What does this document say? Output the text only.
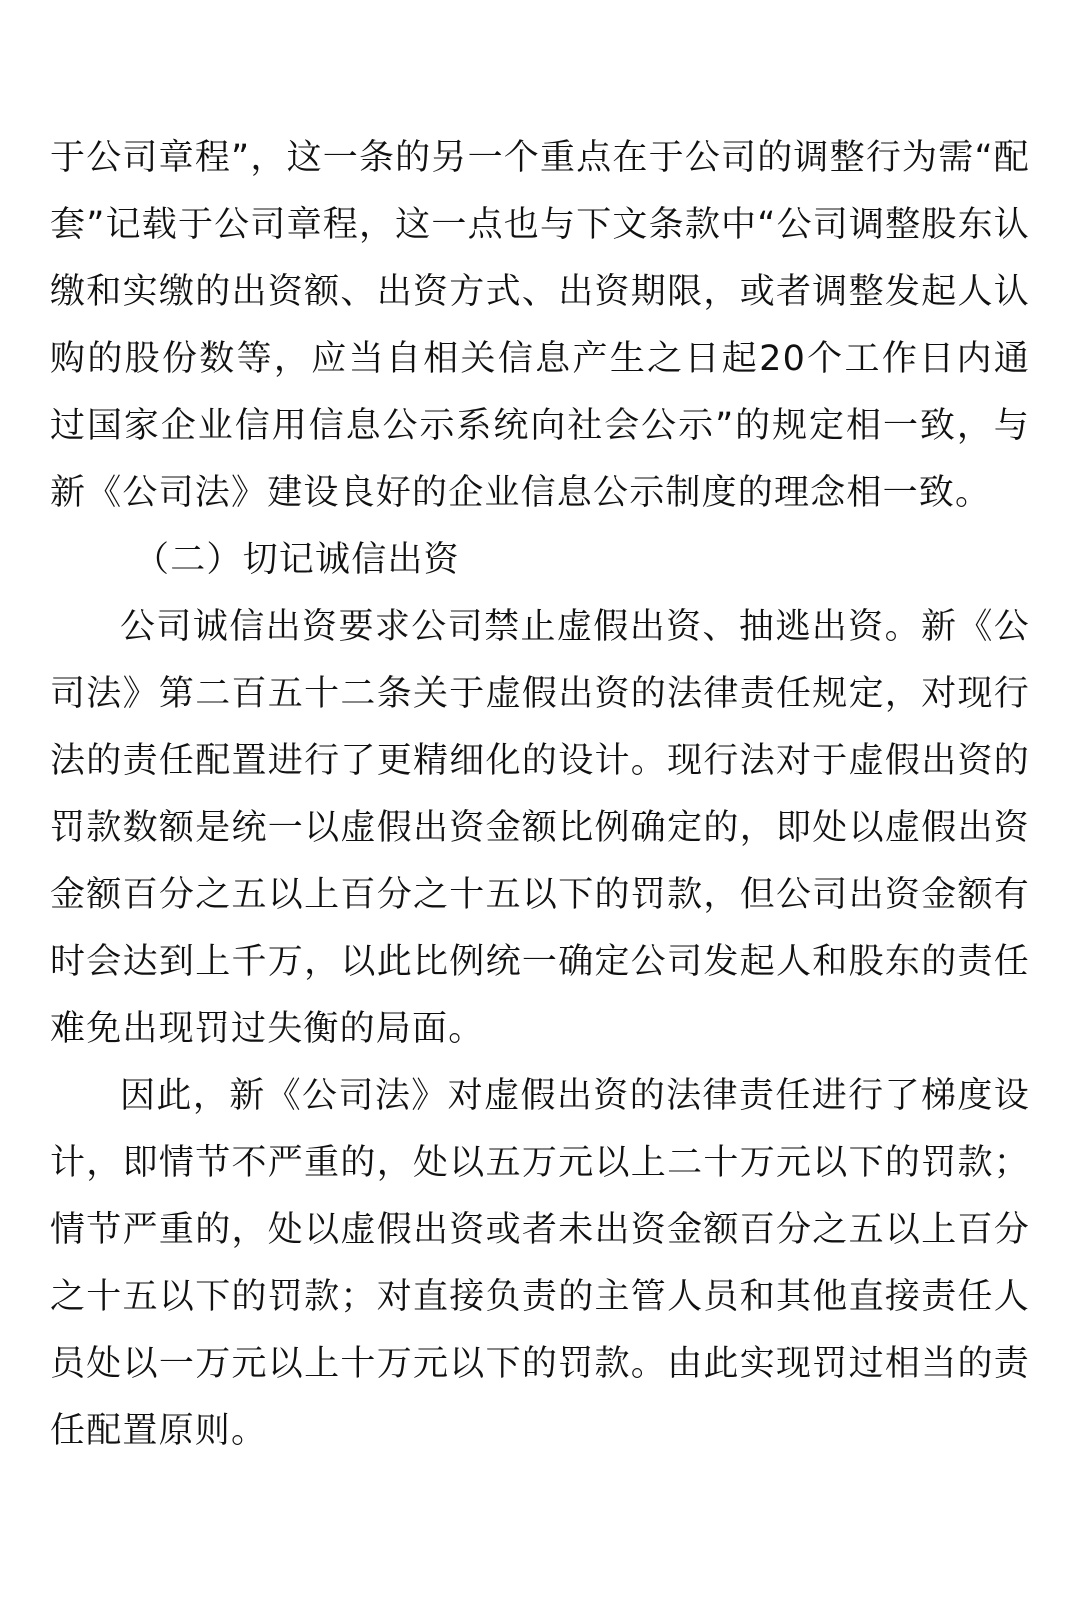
于公司章程”，这一条的另一个重点在于公司的调整行为需“配套”记载于公司章程，这一点也与下文条款中“公司调整股东认缴和实缴的出资额、出资方式、出资期限，或者调整发起人认购的股份数等，应当自相关信息产生之日起20个工作日内通过国家企业信用信息公示系统向社会公示”的规定相一致，与新《公司法》建设良好的企业信息公示制度的理念相一致。

（二）切记诚信出资

公司诚信出资要求公司禁止虚假出资、抽逃出资。新《公司法》第二百五十二条关于虚假出资的法律责任规定，对现行法的责任配置进行了更精细化的设计。现行法对于虚假出资的罚款数额是统一以虚假出资金额比例确定的，即处以虚假出资金额百分之五以上百分之十五以下的罚款，但公司出资金额有时会达到上千万，以此比例统一确定公司发起人和股东的责任难免出现罚过失衡的局面。

因此，新《公司法》对虚假出资的法律责任进行了梯度设计，即情节不严重的，处以五万元以上二十万元以下的罚款；情节严重的，处以虚假出资或者未出资金额百分之五以上百分之十五以下的罚款；对直接负责的主管人员和其他直接责任人员处以一万元以上十万元以下的罚款。由此实现罚过相当的责任配置原则。
